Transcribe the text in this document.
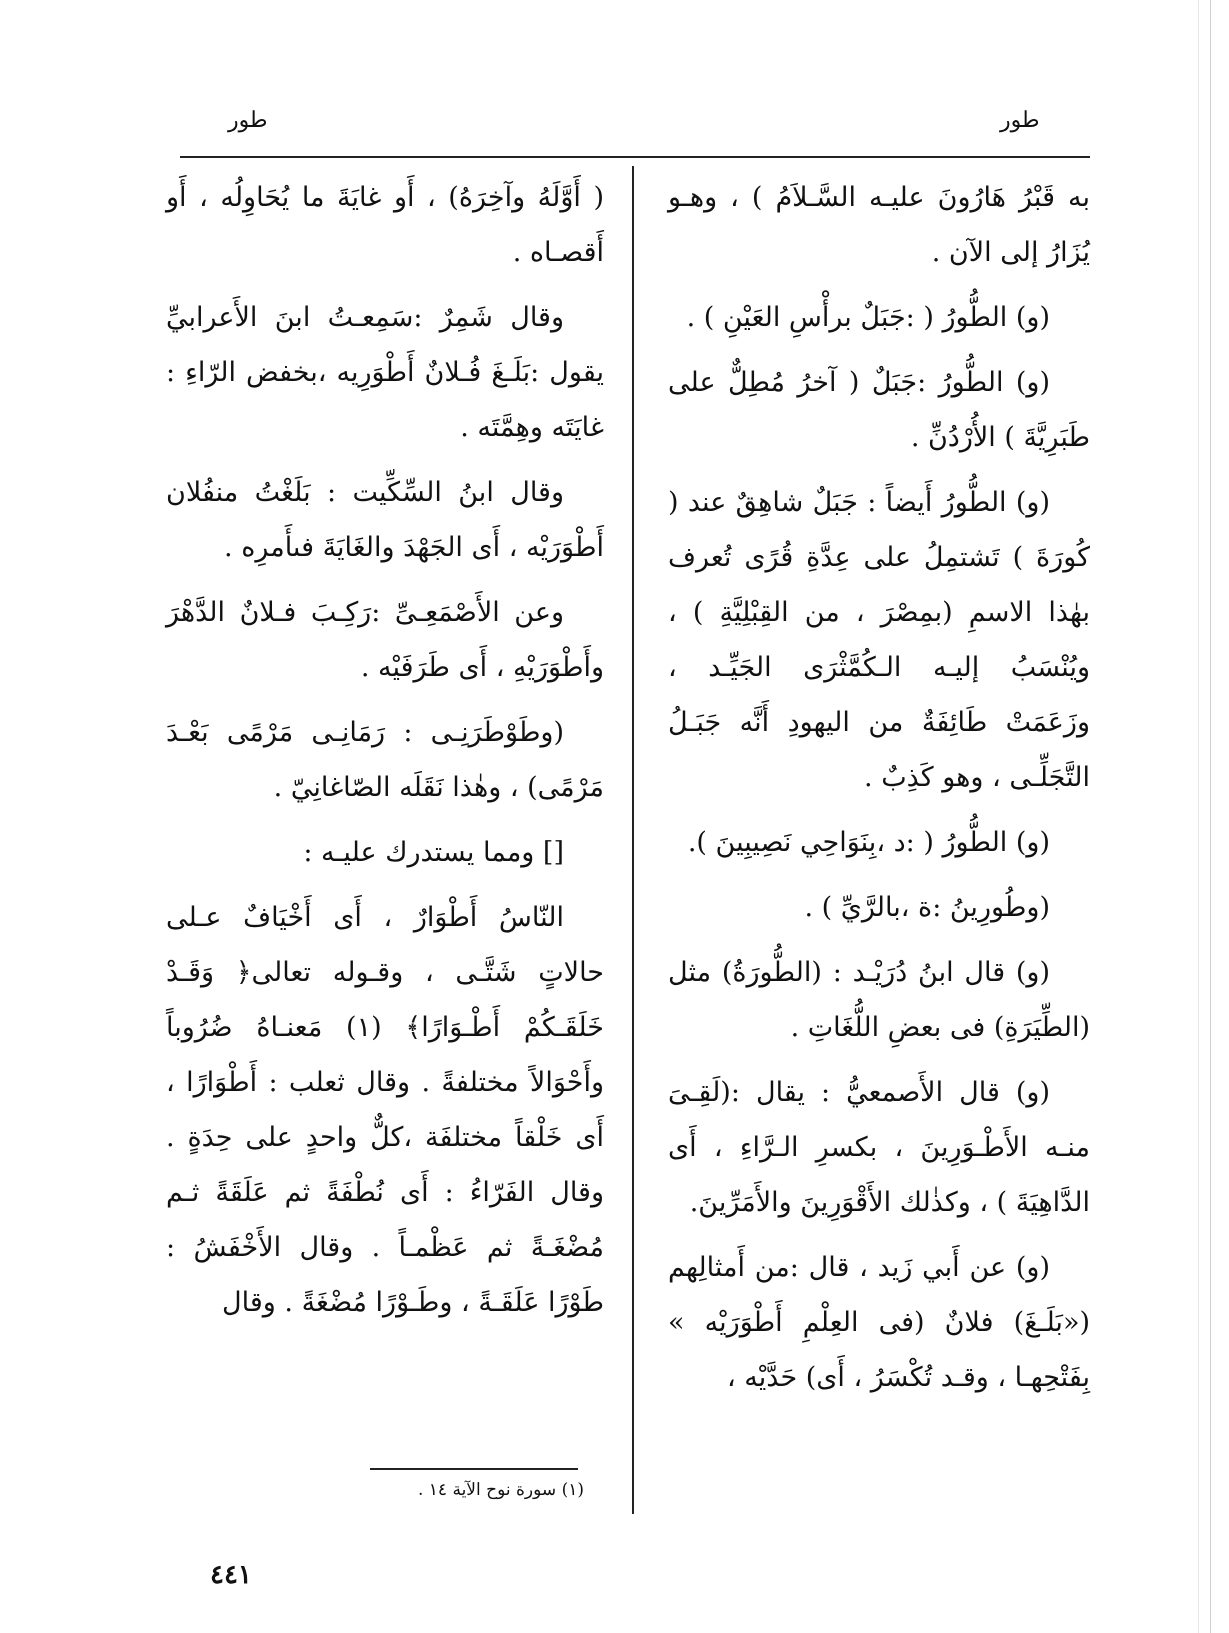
طور
طور

به قَبْرُ هَارُونَ عليـه السَّـلاَمُ ) ، وهـو يُزَارُ إلى الآن .

(و) الطُّورُ ( :جَبَلٌ برأْسِ العَيْنِ ) .

(و) الطُّورُ :جَبَلٌ ( آخرُ مُطِلٌّ على طَبَرِيَّةَ ) الأُرْدُنِّ .

(و) الطُّورُ أَيضاً : جَبَلٌ شاهِقٌ عند ( كُورَةَ ) تَشتمِلُ على عِدَّةِ قُرًى تُعرف بهٰذا الاسمِ (بمِصْرَ ، من القِبْلِيَّةِ ) ، ويُنْسَبُ إليـه الـكُمَّثْرَى الجَيِّـد ، وزَعَمَتْ طَائِفَةٌ من اليهودِ أَنَّه جَبَـلُ التَّجَلِّـى ، وهو كَذِبٌ .

(و) الطُّورُ ( :د ،بِنَوَاحِي نَصِيبِينَ ).

(وطُورِينُ :ة ،بالرَّيِّ ) .

(و) قال ابنُ دُرَيْـد : (الطُّورَةُ) مثل (الطِّيَرَةِ) فى بعضِ اللُّغَاتِ .

(و) قال الأَصمعيُّ : يقال :(لَقِـىَ منـه الأَطْـوَرِينَ ، بكسرِ الـرَّاءِ ، أَى الدَّاهِيَةَ ) ، وكذٰلك الأَقْوَرِينَ والأَمَرِّينَ.

(و) عن أَبي زَيد ، قال :من أَمثالِهم («بَلَـغَ) فلانٌ (فى العِلْمِ أَطْوَرَيْه » بِفَتْحِهـا ، وقـد تُكْسَرُ ، أَى) حَدَّيْه ،

( أَوَّلَهُ وآخِرَهُ) ، أَو غايَةَ ما يُحَاوِلُه ، أَو أَقصـاه .

وقال شَمِرٌ :سَمِعـتُ ابنَ الأَعرابيِّ يقول :بَلَـغَ فُـلانٌ أَطْوَرِيه ،بخفض الرّاءِ : غايَتَه وهِمَّتَه .

وقال ابنُ السِّكِّيت : بَلَغْتُ منفُلان أَطْوَرَيْه ، أَى الجَهْدَ والغَايَةَ فىأَمرِه .

وعن الأَصْمَعِـىِّ :رَكِـبَ فـلانٌ الدَّهْرَ وأَطْوَرَيْهِ ، أَى طَرَفَيْه .

(وطَوْطَرَنِـى : رَمَانِـى مَرْمًى بَعْـدَ مَرْمًى) ، وهٰذا نَقَلَه الصّاغانِيّ .

[] ومما يستدرك عليـه :

النّاسُ أَطْوَارٌ ، أَى أَخْيَافٌ عـلى حالاتٍ شَتَّـى ، وقـوله تعالى﴿ وَقَـدْ خَلَقَـكُمْ أَطْـوَارًا﴾ (١) مَعنـاهُ ضُرُوباً وأَحْوَالاً مختلفةً . وقال ثعلب : أَطْوَارًا ، أَى خَلْقاً مختلفَة ،كلٌّ واحدٍ على حِدَةٍ . وقال الفَرّاءُ : أَى نُطْفَةً ثم عَلَقَةً ثـم مُضْغَـةً ثم عَظْمـاً . وقال الأَخْفَشُ : طَوْرًا عَلَقَـةً ، وطَـوْرًا مُضْغَةً . وقال

(١) سورة نوح الآية ١٤ .
٤٤١
